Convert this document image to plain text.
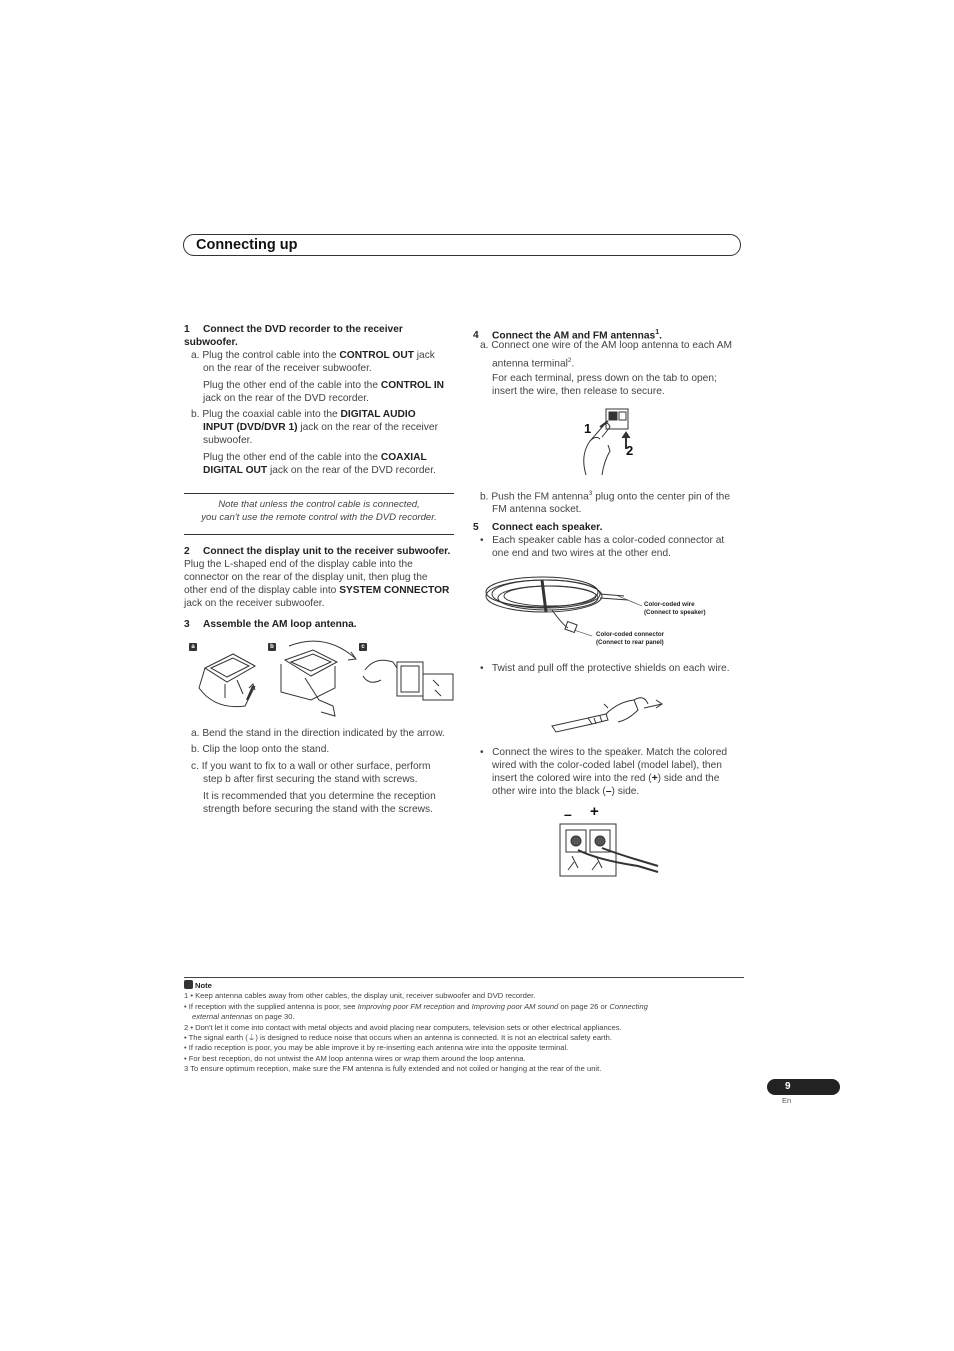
Connecting up
1 Connect the DVD recorder to the receiver subwoofer.
a. Plug the control cable into the CONTROL OUT jack
on the rear of the receiver subwoofer.
Plug the other end of the cable into the CONTROL IN
jack on the rear of the DVD recorder.
b. Plug the coaxial cable into the DIGITAL AUDIO
INPUT (DVD/DVR 1) jack on the rear of the receiver
subwoofer.
Plug the other end of the cable into the COAXIAL
DIGITAL OUT jack on the rear of the DVD recorder.
Note that unless the control cable is connected,
you can't use the remote control with the DVD recorder.
2 Connect the display unit to the receiver subwoofer.
Plug the L-shaped end of the display cable into the
connector on the rear of the display unit, then plug the
other end of the display cable into SYSTEM CONNECTOR
jack on the receiver subwoofer.
3 Assemble the AM loop antenna.
a	b	c
a. Bend the stand in the direction indicated by the arrow.
b. Clip the loop onto the stand.
c. If you want to fix to a wall or other surface, perform
step b after first securing the stand with screws.
It is recommended that you determine the reception
strength before securing the stand with the screws.
4 Connect the AM and FM antennas$^1$.
a. Connect one wire of the AM loop antenna to each AM
antenna terminal$^2$.
For each terminal, press down on the tab to open;
insert the wire, then release to secure.
1
2
b. Push the FM antenna$^3$ plug onto the center pin of the
FM antenna socket.
5 Connect each speaker.
•   Each speaker cable has a color-coded connector at
one end and two wires at the other end.
Color-coded wire
(Connect to speaker)
Color-coded connector
(Connect to rear panel)
•   Twist and pull off the protective shields on each wire.
•   Connect the wires to the speaker. Match the colored
wired with the color-coded label (model label), then
insert the colored wire into the red (+) side and the
other wire into the black (–) side.
– +
Note
1 • Keep antenna cables away from other cables, the display unit, receiver subwoofer and DVD recorder.
• If reception with the supplied antenna is poor, see Improving poor FM reception and Improving poor AM sound on page 26 or Connecting
external antennas on page 30.
2 • Don't let it come into contact with metal objects and avoid placing near computers, television sets or other electrical appliances.
• The signal earth (⏚) is designed to reduce noise that occurs when an antenna is connected. It is not an electrical safety earth.
• If radio reception is poor, you may be able improve it by re-inserting each antenna wire into the opposite terminal.
• For best reception, do not untwist the AM loop antenna wires or wrap them around the loop antenna.
3 To ensure optimum reception, make sure the FM antenna is fully extended and not coiled or hanging at the rear of the unit.
9
En
